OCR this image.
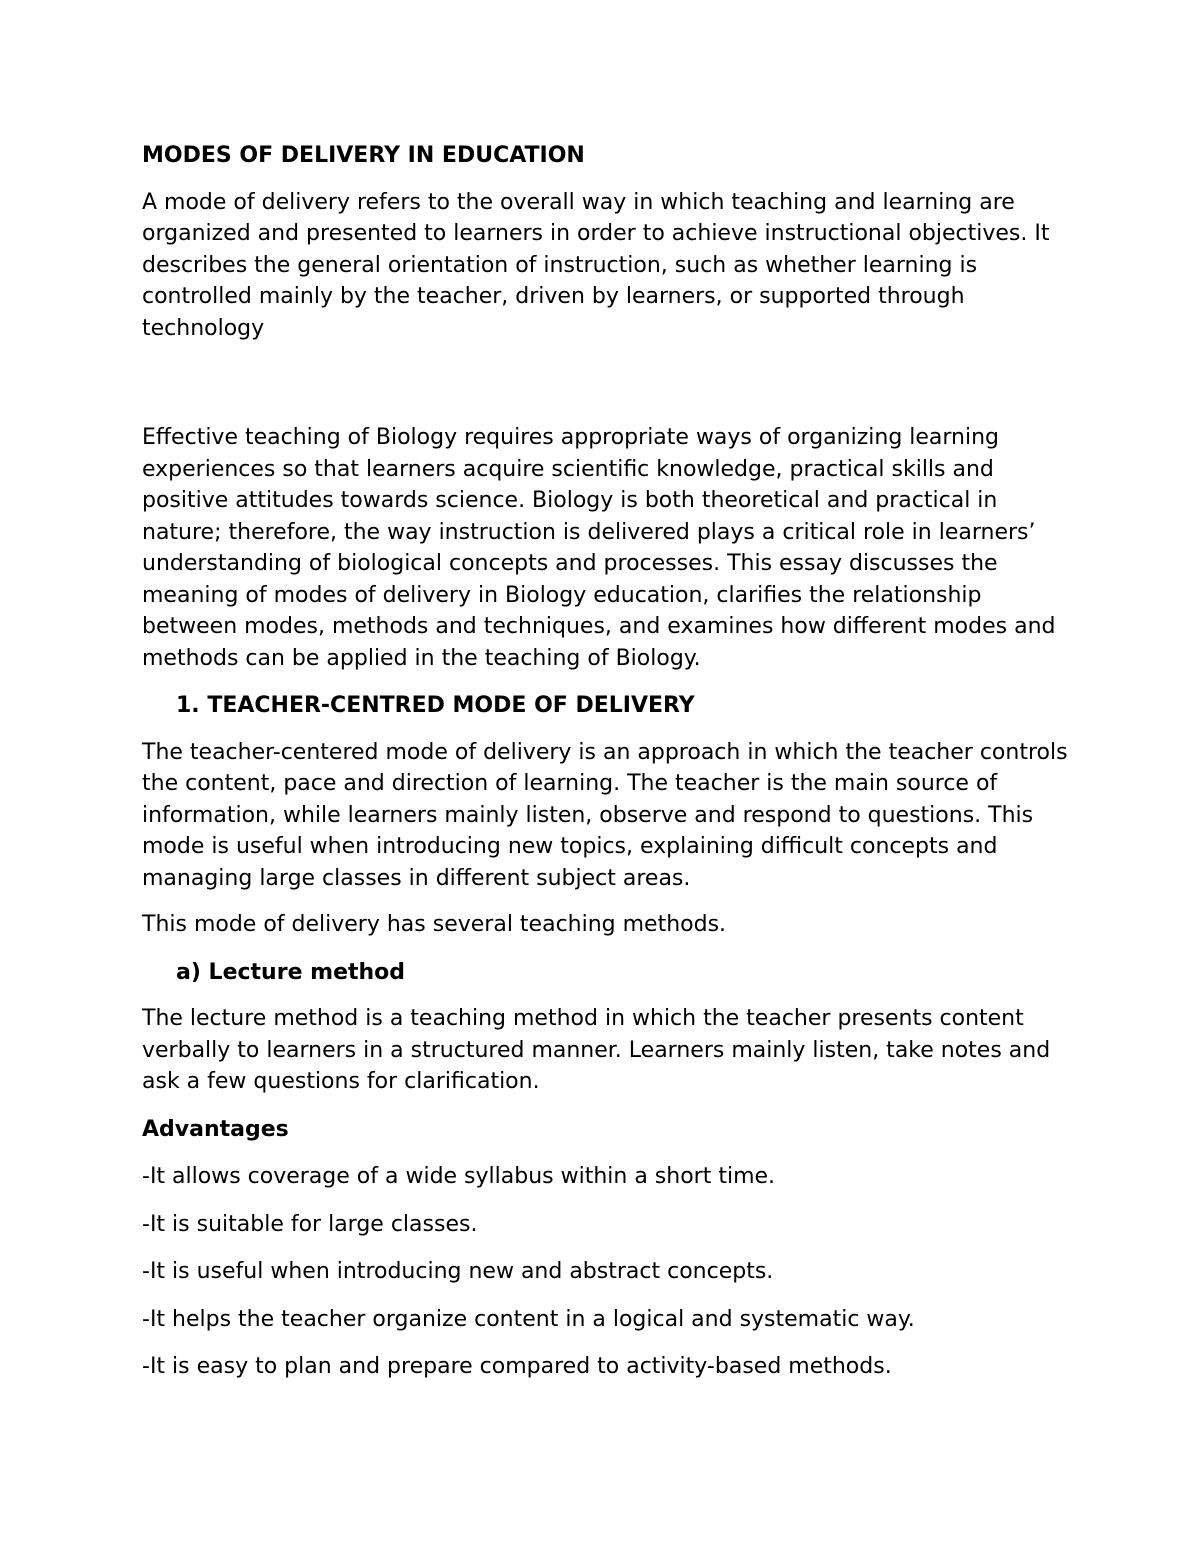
MODES OF DELIVERY IN EDUCATION

A mode of delivery refers to the overall way in which teaching and learning are organized and presented to learners in order to achieve instructional objectives. It describes the general orientation of instruction, such as whether learning is controlled mainly by the teacher, driven by learners, or supported through technology

Effective teaching of Biology requires appropriate ways of organizing learning experiences so that learners acquire scientific knowledge, practical skills and positive attitudes towards science. Biology is both theoretical and practical in nature; therefore, the way instruction is delivered plays a critical role in learners’ understanding of biological concepts and processes. This essay discusses the meaning of modes of delivery in Biology education, clarifies the relationship between modes, methods and techniques, and examines how different modes and methods can be applied in the teaching of Biology.

1. TEACHER-CENTRED MODE OF DELIVERY

The teacher-centered mode of delivery is an approach in which the teacher controls the content, pace and direction of learning. The teacher is the main source of information, while learners mainly listen, observe and respond to questions. This mode is useful when introducing new topics, explaining difficult concepts and managing large classes in different subject areas.

This mode of delivery has several teaching methods.

a) Lecture method

The lecture method is a teaching method in which the teacher presents content verbally to learners in a structured manner. Learners mainly listen, take notes and ask a few questions for clarification.

Advantages

-It allows coverage of a wide syllabus within a short time.

-It is suitable for large classes.

-It is useful when introducing new and abstract concepts.

-It helps the teacher organize content in a logical and systematic way.

-It is easy to plan and prepare compared to activity-based methods.
